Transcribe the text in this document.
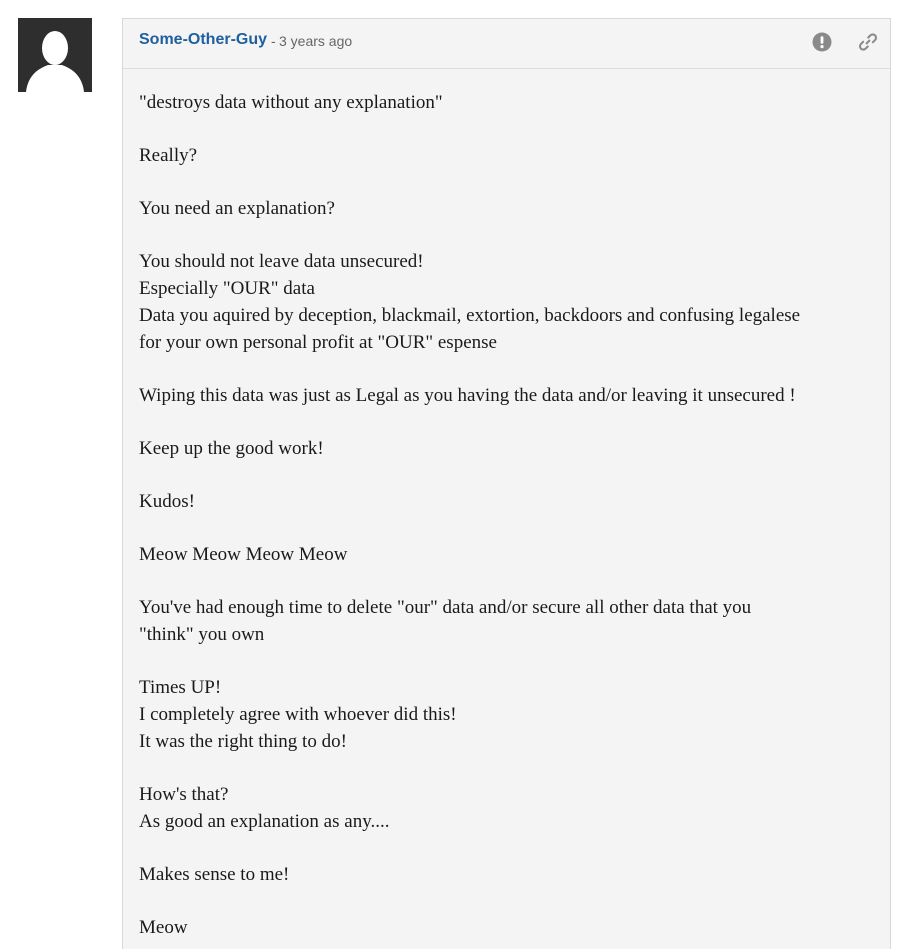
Some-Other-Guy - 3 years ago

"destroys data without any explanation"

Really?

You need an explanation?

You should not leave data unsecured!
Especially "OUR" data
Data you aquired by deception, blackmail, extortion, backdoors and confusing legalese
for your own personal profit at "OUR" espense

Wiping this data was just as Legal as you having the data and/or leaving it unsecured !

Keep up the good work!

Kudos!

Meow Meow Meow Meow

You've had enough time to delete "our" data and/or secure all other data that you
"think" you own

Times UP!
I completely agree with whoever did this!
It was the right thing to do!

How's that?
As good an explanation as any....

Makes sense to me!

Meow
